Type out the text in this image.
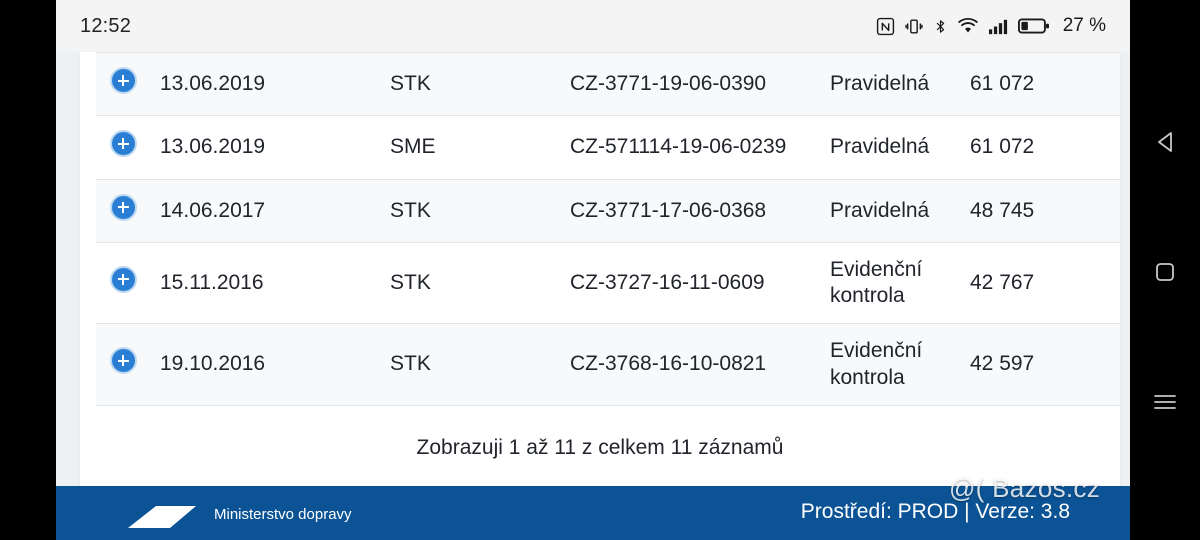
12:52	27 %
	13.06.2019	STK	CZ-3771-19-06-0390	Pravidelná	61 072	
	13.06.2019	SME	CZ-571114-19-06-0239	Pravidelná	61 072	
	14.06.2017	STK	CZ-3771-17-06-0368	Pravidelná	48 745	
	15.11.2016	STK	CZ-3727-16-11-0609	Evidenční kontrola	42 767	
	19.10.2016	STK	CZ-3768-16-10-0821	Evidenční kontrola	42 597	
Zobrazuji 1 až 11 z celkem 11 záznamů
Ministerstvo dopravy	Prostředí: PROD | Verze: 3.8
@( Bazos.cz
